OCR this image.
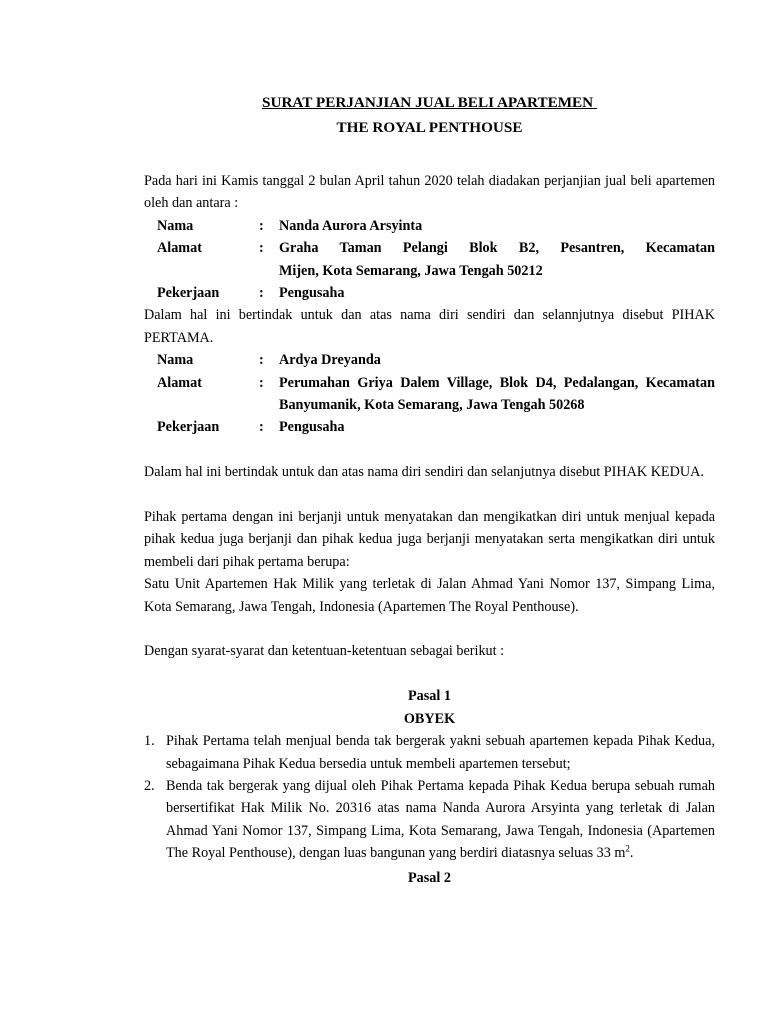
SURAT PERJANJIAN JUAL BELI APARTEMEN
THE ROYAL PENTHOUSE

Pada hari ini Kamis tanggal 2 bulan April tahun 2020 telah diadakan perjanjian jual beli apartemen oleh dan antara :

Nama	:	Nanda Aurora Arsyinta
Alamat	:	Graha Taman Pelangi Blok B2, Pesantren, Kecamatan
Mijen, Kota Semarang, Jawa Tengah 50212
Pekerjaan	:	Pengusaha

Dalam hal ini bertindak untuk dan atas nama diri sendiri dan selannjutnya disebut PIHAK PERTAMA.

Nama	:	Ardya Dreyanda
Alamat	:	Perumahan Griya Dalem Village, Blok D4, Pedalangan, Kecamatan Banyumanik, Kota Semarang, Jawa Tengah 50268
Pekerjaan	:	Pengusaha

Dalam hal ini bertindak untuk dan atas nama diri sendiri dan selanjutnya disebut PIHAK KEDUA.

Pihak pertama dengan ini berjanji untuk menyatakan dan mengikatkan diri untuk menjual kepada pihak kedua juga berjanji dan pihak kedua juga berjanji menyatakan serta mengikatkan diri untuk membeli dari pihak pertama berupa:

Satu Unit Apartemen Hak Milik yang terletak di Jalan Ahmad Yani Nomor 137, Simpang Lima, Kota Semarang, Jawa Tengah, Indonesia (Apartemen The Royal Penthouse).

Dengan syarat-syarat dan ketentuan-ketentuan sebagai berikut :

Pasal 1
OBYEK
1. Pihak Pertama telah menjual benda tak bergerak yakni sebuah apartemen kepada Pihak Kedua, sebagaimana Pihak Kedua bersedia untuk membeli apartemen tersebut;
2. Benda tak bergerak yang dijual oleh Pihak Pertama kepada Pihak Kedua berupa sebuah rumah bersertifikat Hak Milik No. 20316 atas nama Nanda Aurora Arsyinta yang terletak di Jalan Ahmad Yani Nomor 137, Simpang Lima, Kota Semarang, Jawa Tengah, Indonesia (Apartemen The Royal Penthouse), dengan luas bangunan yang berdiri diatasnya seluas 33 $m^2$.
Pasal 2
